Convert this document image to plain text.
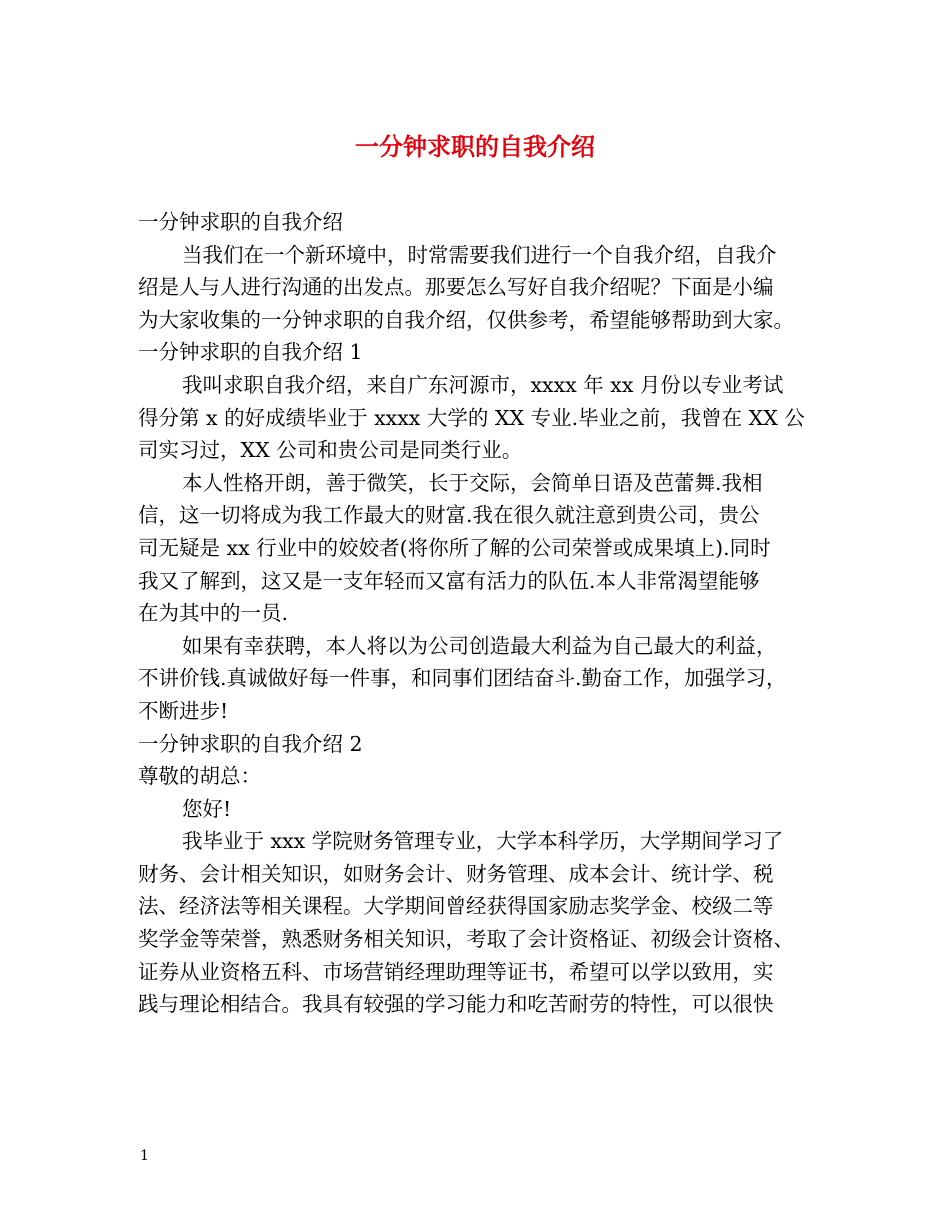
一分钟求职的自我介绍
一分钟求职的自我介绍
当我们在一个新环境中，时常需要我们进行一个自我介绍，自我介
绍是人与人进行沟通的出发点。那要怎么写好自我介绍呢？下面是小编
为大家收集的一分钟求职的自我介绍，仅供参考，希望能够帮助到大家。
一分钟求职的自我介绍 1
我叫求职自我介绍，来自广东河源市，xxxx 年 xx 月份以专业考试
得分第 x 的好成绩毕业于 xxxx 大学的 XX 专业.毕业之前，我曾在 XX 公
司实习过，XX 公司和贵公司是同类行业。
本人性格开朗，善于微笑，长于交际，会简单日语及芭蕾舞.我相
信，这一切将成为我工作最大的财富.我在很久就注意到贵公司，贵公
司无疑是 xx 行业中的姣姣者(将你所了解的公司荣誉或成果填上).同时
我又了解到，这又是一支年轻而又富有活力的队伍.本人非常渴望能够
在为其中的一员.
如果有幸获聘，本人将以为公司创造最大利益为自己最大的利益，
不讲价钱.真诚做好每一件事，和同事们团结奋斗.勤奋工作，加强学习，
不断进步!
一分钟求职的自我介绍 2
尊敬的胡总：
您好!
我毕业于 xxx 学院财务管理专业，大学本科学历，大学期间学习了
财务、会计相关知识，如财务会计、财务管理、成本会计、统计学、税
法、经济法等相关课程。大学期间曾经获得国家励志奖学金、校级二等
奖学金等荣誉，熟悉财务相关知识，考取了会计资格证、初级会计资格、
证券从业资格五科、市场营销经理助理等证书，希望可以学以致用，实
践与理论相结合。我具有较强的学习能力和吃苦耐劳的特性，可以很快
1
